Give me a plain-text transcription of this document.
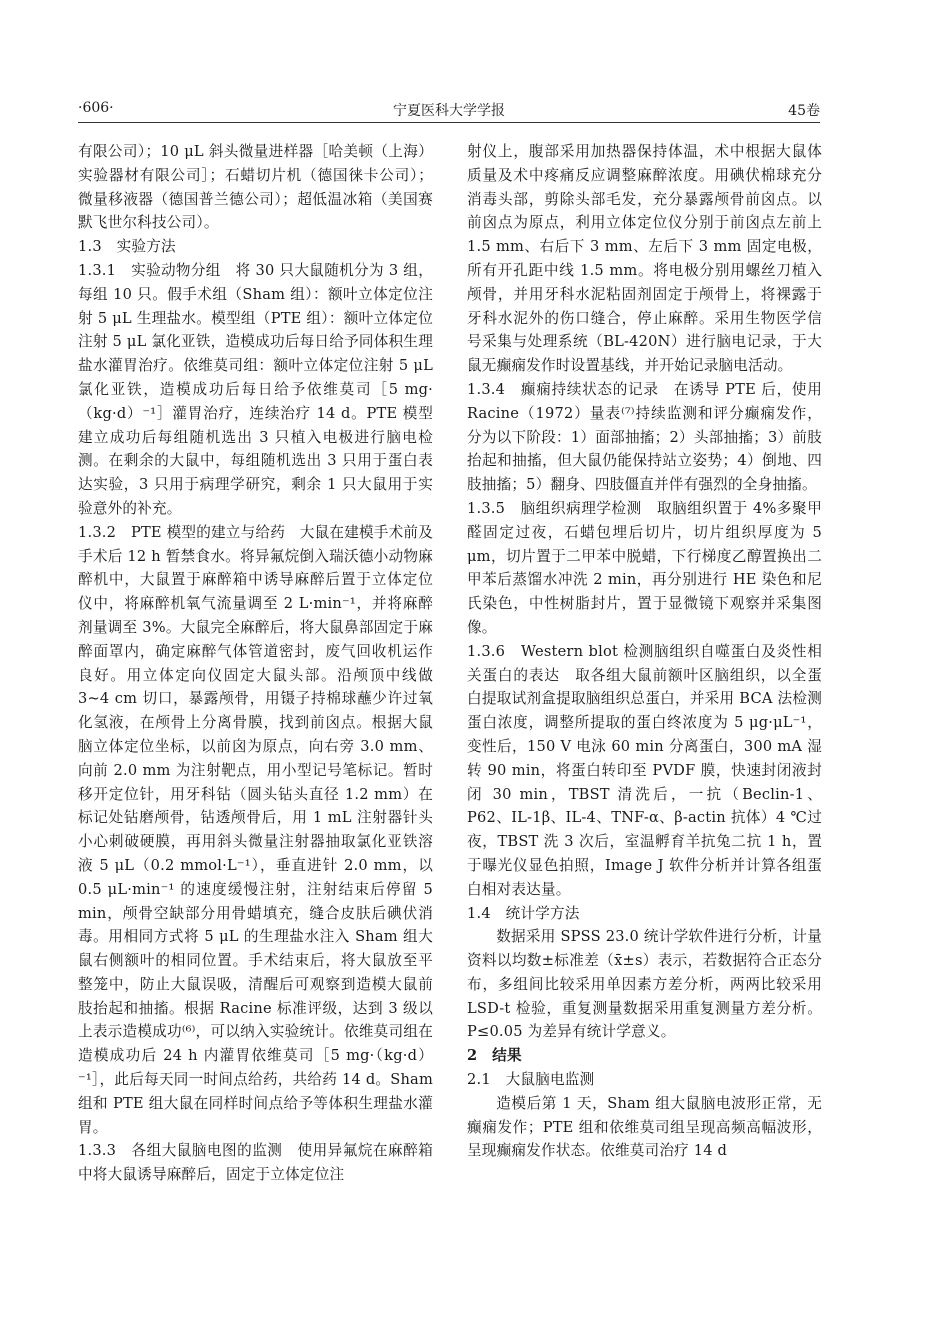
·606·	宁夏医科大学学报	45卷

有限公司）；10 μL 斜头微量进样器［哈美顿（上海）实验器材有限公司］；石蜡切片机（德国徕卡公司）；微量移液器（德国普兰德公司）；超低温冰箱（美国赛默飞世尔科技公司）。

1.3　实验方法

1.3.1　实验动物分组　将 30 只大鼠随机分为 3 组，每组 10 只。假手术组（Sham 组）：额叶立体定位注射 5 μL 生理盐水。模型组（PTE 组）：额叶立体定位注射 5 μL 氯化亚铁，造模成功后每日给予同体积生理盐水灌胃治疗。依维莫司组：额叶立体定位注射 5 μL 氯化亚铁，造模成功后每日给予依维莫司［5 mg·（kg·d）⁻¹］灌胃治疗，连续治疗 14 d。PTE 模型建立成功后每组随机选出 3 只植入电极进行脑电检测。在剩余的大鼠中，每组随机选出 3 只用于蛋白表达实验，3 只用于病理学研究，剩余 1 只大鼠用于实验意外的补充。

1.3.2　PTE 模型的建立与给药　大鼠在建模手术前及手术后 12 h 暂禁食水。将异氟烷倒入瑞沃德小动物麻醉机中，大鼠置于麻醉箱中诱导麻醉后置于立体定位仪中，将麻醉机氧气流量调至 2 L·min⁻¹，并将麻醉剂量调至 3%。大鼠完全麻醉后，将大鼠鼻部固定于麻醉面罩内，确定麻醉气体管道密封，废气回收机运作良好。用立体定向仪固定大鼠头部。沿颅顶中线做 3~4 cm 切口，暴露颅骨，用镊子持棉球蘸少许过氧化氢液，在颅骨上分离骨膜，找到前囟点。根据大鼠脑立体定位坐标，以前囟为原点，向右旁 3.0 mm、向前 2.0 mm 为注射靶点，用小型记号笔标记。暂时移开定位针，用牙科钻（圆头钻头直径 1.2 mm）在标记处钻磨颅骨，钻透颅骨后，用 1 mL 注射器针头小心刺破硬膜，再用斜头微量注射器抽取氯化亚铁溶液 5 μL（0.2 mmol·L⁻¹），垂直进针 2.0 mm，以 0.5 μL·min⁻¹ 的速度缓慢注射，注射结束后停留 5 min，颅骨空缺部分用骨蜡填充，缝合皮肤后碘伏消毒。用相同方式将 5 μL 的生理盐水注入 Sham 组大鼠右侧额叶的相同位置。手术结束后，将大鼠放至平整笼中，防止大鼠误吸，清醒后可观察到造模大鼠前肢抬起和抽搐。根据 Racine 标准评级，达到 3 级以上表示造模成功⁽⁶⁾，可以纳入实验统计。依维莫司组在造模成功后 24 h 内灌胃依维莫司［5 mg·（kg·d）⁻¹］，此后每天同一时间点给药，共给药 14 d。Sham 组和 PTE 组大鼠在同样时间点给予等体积生理盐水灌胃。

1.3.3　各组大鼠脑电图的监测　使用异氟烷在麻醉箱中将大鼠诱导麻醉后，固定于立体定位注

射仪上，腹部采用加热器保持体温，术中根据大鼠体质量及术中疼痛反应调整麻醉浓度。用碘伏棉球充分消毒头部，剪除头部毛发，充分暴露颅骨前囟点。以前囟点为原点，利用立体定位仪分别于前囟点左前上 1.5 mm、右后下 3 mm、左后下 3 mm 固定电极，所有开孔距中线 1.5 mm。将电极分别用螺丝刀植入颅骨，并用牙科水泥粘固剂固定于颅骨上，将裸露于牙科水泥外的伤口缝合，停止麻醉。采用生物医学信号采集与处理系统（BL-420N）进行脑电记录，于大鼠无癫痫发作时设置基线，并开始记录脑电活动。

1.3.4　癫痫持续状态的记录　在诱导 PTE 后，使用 Racine（1972）量表⁽⁷⁾持续监测和评分癫痫发作，分为以下阶段：1）面部抽搐；2）头部抽搐；3）前肢抬起和抽搐，但大鼠仍能保持站立姿势；4）倒地、四肢抽搐；5）翻身、四肢僵直并伴有强烈的全身抽搐。

1.3.5　脑组织病理学检测　取脑组织置于 4%多聚甲醛固定过夜，石蜡包埋后切片，切片组织厚度为 5 μm，切片置于二甲苯中脱蜡，下行梯度乙醇置换出二甲苯后蒸馏水冲洗 2 min，再分别进行 HE 染色和尼氏染色，中性树脂封片，置于显微镜下观察并采集图像。

1.3.6　Western blot 检测脑组织自噬蛋白及炎性相关蛋白的表达　取各组大鼠前额叶区脑组织，以全蛋白提取试剂盒提取脑组织总蛋白，并采用 BCA 法检测蛋白浓度，调整所提取的蛋白终浓度为 5 μg·μL⁻¹，变性后，150 V 电泳 60 min 分离蛋白，300 mA 湿转 90 min，将蛋白转印至 PVDF 膜，快速封闭液封闭 30 min，TBST 清洗后，一抗（Beclin-1、P62、IL-1β、IL-4、TNF-α、β-actin 抗体）4 ℃过夜，TBST 洗 3 次后，室温孵育羊抗兔二抗 1 h，置于曝光仪显色拍照，Image J 软件分析并计算各组蛋白相对表达量。

1.4　统计学方法

数据采用 SPSS 23.0 统计学软件进行分析，计量资料以均数±标准差（x̄±s）表示，若数据符合正态分布，多组间比较采用单因素方差分析，两两比较采用 LSD-t 检验，重复测量数据采用重复测量方差分析。P≤0.05 为差异有统计学意义。

2　结果

2.1　大鼠脑电监测

造模后第 1 天，Sham 组大鼠脑电波形正常，无癫痫发作；PTE 组和依维莫司组呈现高频高幅波形，呈现癫痫发作状态。依维莫司治疗 14 d
